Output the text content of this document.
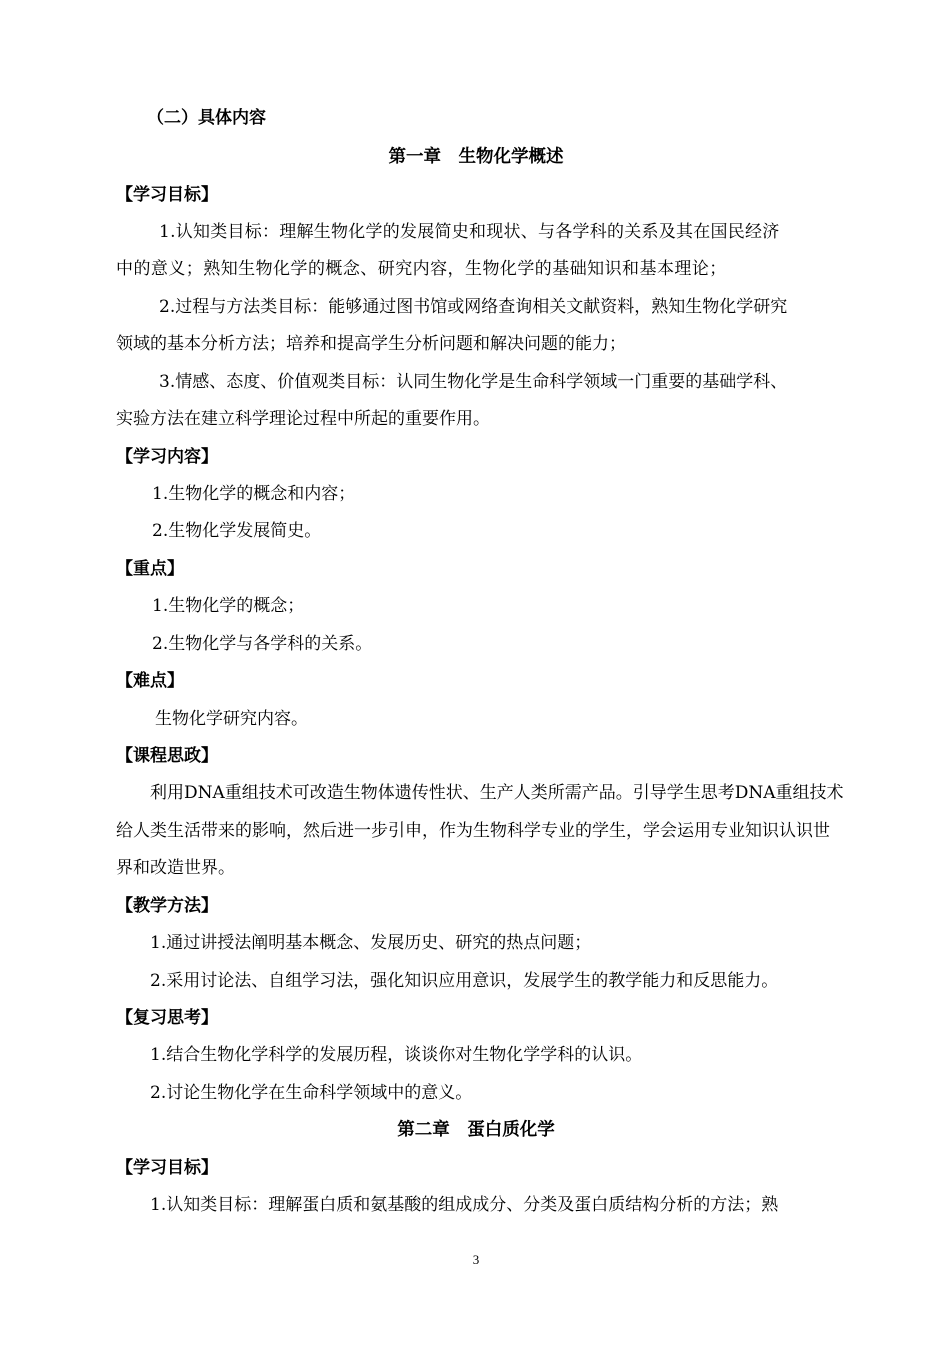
（二）具体内容
第一章　生物化学概述
【学习目标】
1.认知类目标：理解生物化学的发展简史和现状、与各学科的关系及其在国民经济
中的意义；熟知生物化学的概念、研究内容，生物化学的基础知识和基本理论；
2.过程与方法类目标：能够通过图书馆或网络查询相关文献资料，熟知生物化学研究
领域的基本分析方法；培养和提高学生分析问题和解决问题的能力；
3.情感、态度、价值观类目标：认同生物化学是生命科学领域一门重要的基础学科、
实验方法在建立科学理论过程中所起的重要作用。
【学习内容】
1.生物化学的概念和内容；
2.生物化学发展简史。
【重点】
1.生物化学的概念；
2.生物化学与各学科的关系。
【难点】
生物化学研究内容。
【课程思政】
利用DNA重组技术可改造生物体遗传性状、生产人类所需产品。引导学生思考DNA重组技术
给人类生活带来的影响，然后进一步引申，作为生物科学专业的学生，学会运用专业知识认识世
界和改造世界。
【教学方法】
1.通过讲授法阐明基本概念、发展历史、研究的热点问题；
2.采用讨论法、自组学习法，强化知识应用意识，发展学生的教学能力和反思能力。
【复习思考】
1.结合生物化学科学的发展历程，谈谈你对生物化学学科的认识。
2.讨论生物化学在生命科学领域中的意义。
第二章　蛋白质化学
【学习目标】
1.认知类目标：理解蛋白质和氨基酸的组成成分、分类及蛋白质结构分析的方法；熟
3
